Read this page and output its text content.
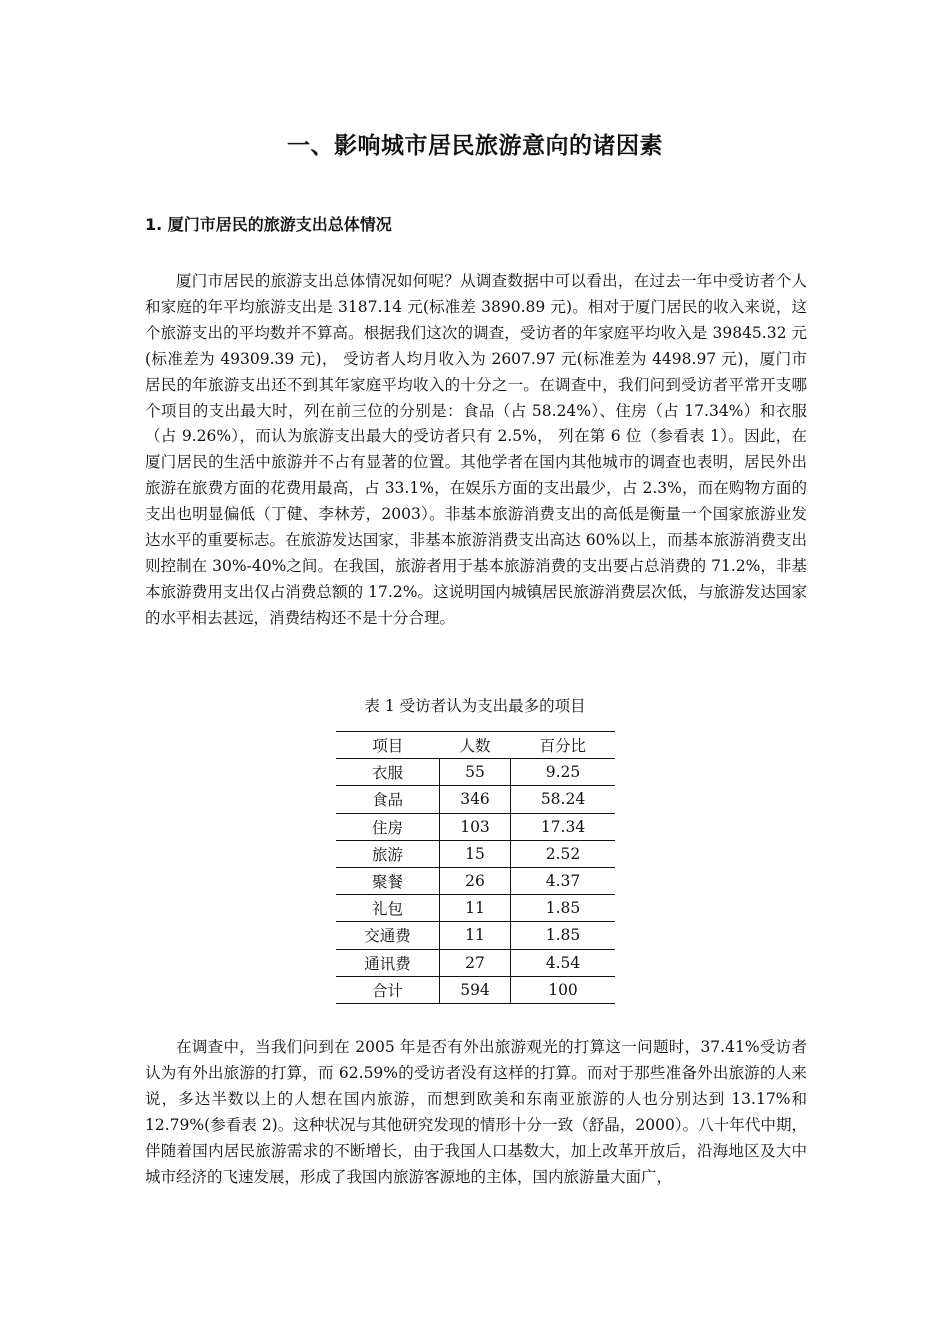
一、影响城市居民旅游意向的诸因素
1. 厦门市居民的旅游支出总体情况

厦门市居民的旅游支出总体情况如何呢？从调查数据中可以看出，在过去一年中受访者个人和家庭的年平均旅游支出是 3187.14 元(标准差 3890.89 元)。相对于厦门居民的收入来说，这个旅游支出的平均数并不算高。根据我们这次的调查，受访者的年家庭平均收入是 39845.32 元(标准差为 49309.39 元)， 受访者人均月收入为 2607.97 元(标准差为 4498.97 元)，厦门市居民的年旅游支出还不到其年家庭平均收入的十分之一。在调查中，我们问到受访者平常开支哪个项目的支出最大时，列在前三位的分别是：食品（占 58.24%）、住房（占 17.34%）和衣服（占 9.26%），而认为旅游支出最大的受访者只有 2.5%， 列在第 6 位（参看表 1）。因此，在厦门居民的生活中旅游并不占有显著的位置。其他学者在国内其他城市的调查也表明，居民外出旅游在旅费方面的花费用最高，占 33.1%，在娱乐方面的支出最少，占 2.3%，而在购物方面的支出也明显偏低（丁健、李林芳，2003）。非基本旅游消费支出的高低是衡量一个国家旅游业发达水平的重要标志。在旅游发达国家，非基本旅游消费支出高达 60%以上，而基本旅游消费支出则控制在 30%-40%之间。在我国，旅游者用于基本旅游消费的支出要占总消费的 71.2%，非基本旅游费用支出仅占消费总额的 17.2%。这说明国内城镇居民旅游消费层次低，与旅游发达国家的水平相去甚远，消费结构还不是十分合理。

表 1 受访者认为支出最多的项目
项目	人数	百分比
衣服	55	9.25
食品	346	58.24
住房	103	17.34
旅游	15	2.52
聚餐	26	4.37
礼包	11	1.85
交通费	11	1.85
通讯费	27	4.54
合计	594	100

在调查中，当我们问到在 2005 年是否有外出旅游观光的打算这一问题时，37.41%受访者认为有外出旅游的打算，而 62.59%的受访者没有这样的打算。而对于那些准备外出旅游的人来说，多达半数以上的人想在国内旅游，而想到欧美和东南亚旅游的人也分别达到 13.17%和 12.79%(参看表 2)。这种状况与其他研究发现的情形十分一致（舒晶，2000）。八十年代中期，伴随着国内居民旅游需求的不断增长，由于我国人口基数大，加上改革开放后，沿海地区及大中城市经济的飞速发展，形成了我国内旅游客源地的主体，国内旅游量大面广，
